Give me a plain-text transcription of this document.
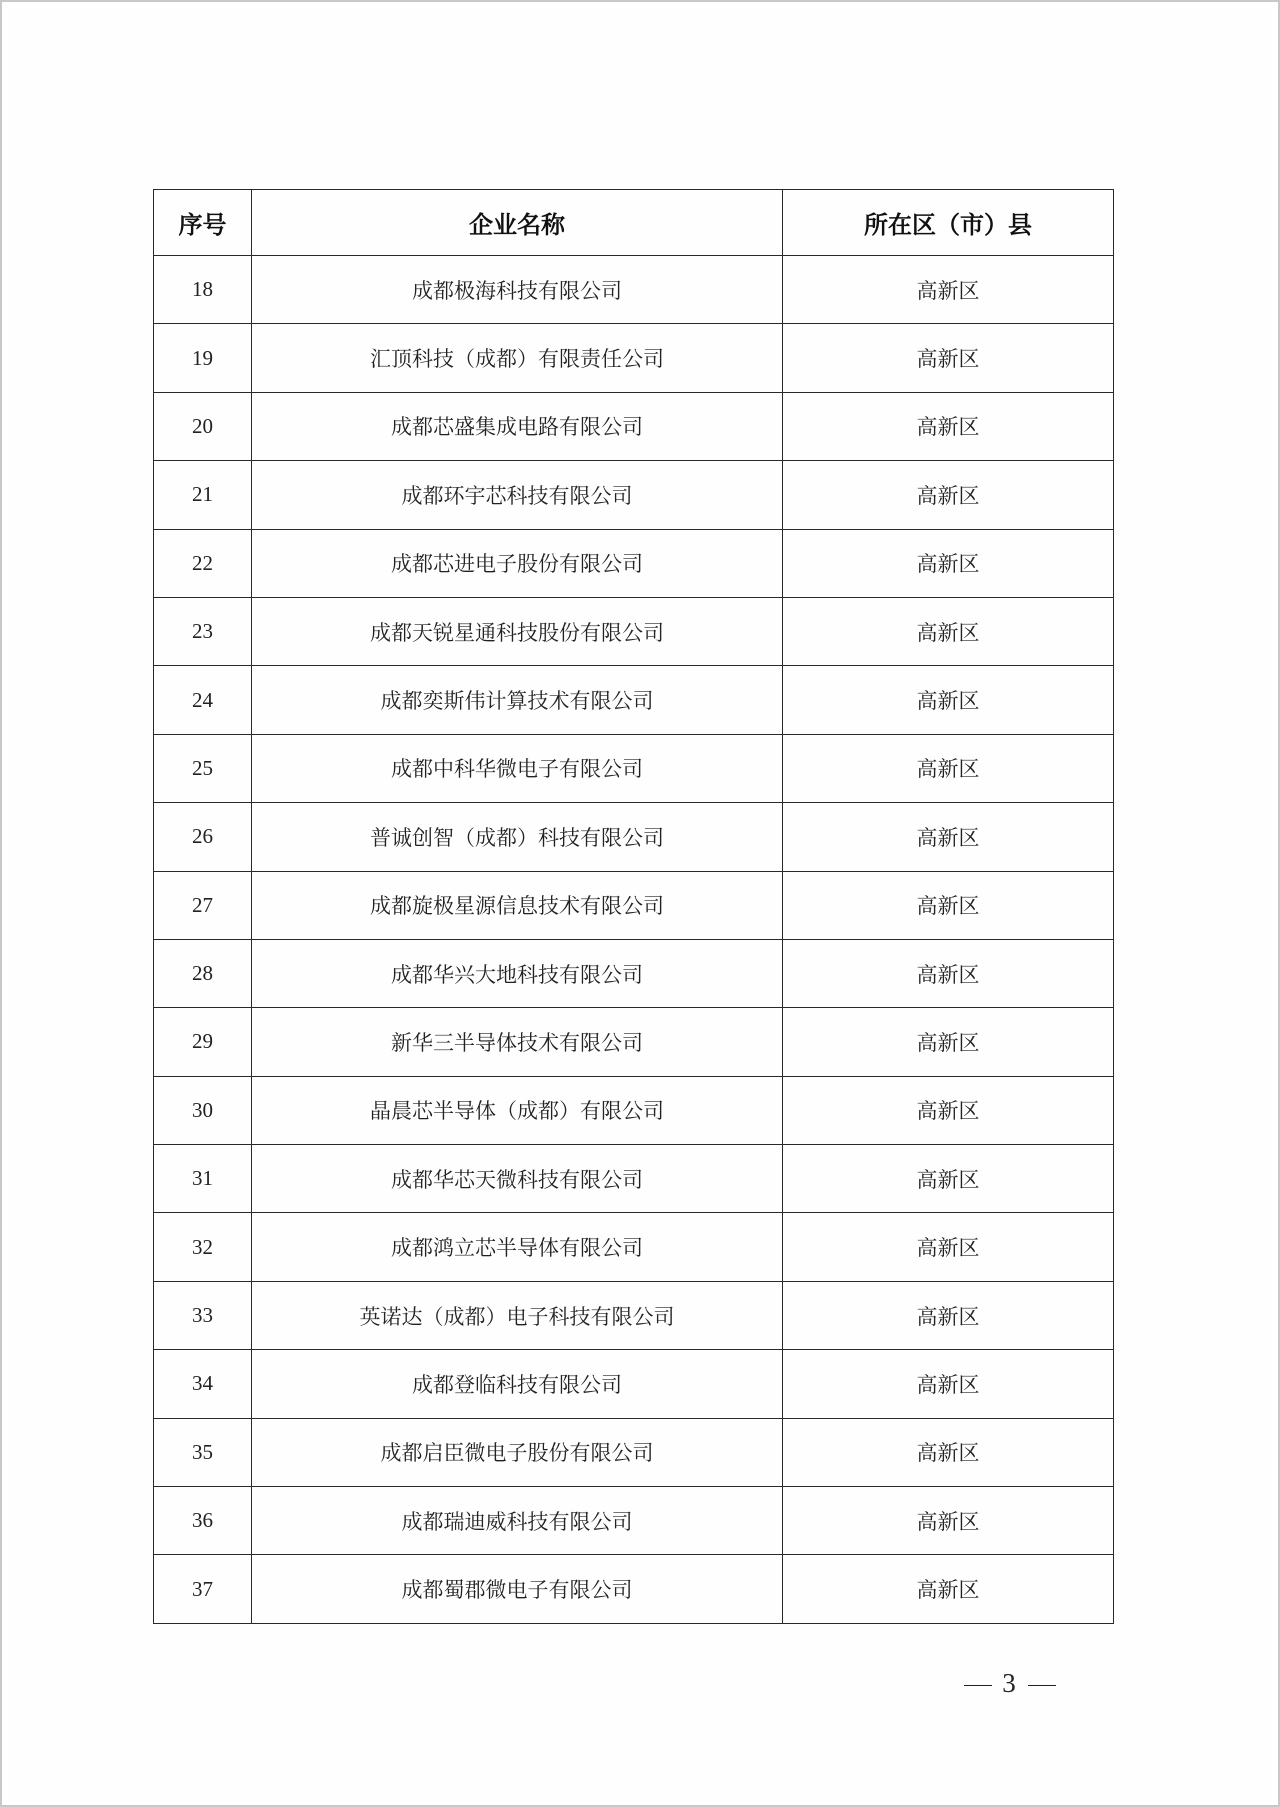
序号	企业名称	所在区（市）县
18	成都极海科技有限公司	高新区
19	汇顶科技（成都）有限责任公司	高新区
20	成都芯盛集成电路有限公司	高新区
21	成都环宇芯科技有限公司	高新区
22	成都芯进电子股份有限公司	高新区
23	成都天锐星通科技股份有限公司	高新区
24	成都奕斯伟计算技术有限公司	高新区
25	成都中科华微电子有限公司	高新区
26	普诚创智（成都）科技有限公司	高新区
27	成都旋极星源信息技术有限公司	高新区
28	成都华兴大地科技有限公司	高新区
29	新华三半导体技术有限公司	高新区
30	晶晨芯半导体（成都）有限公司	高新区
31	成都华芯天微科技有限公司	高新区
32	成都鸿立芯半导体有限公司	高新区
33	英诺达（成都）电子科技有限公司	高新区
34	成都登临科技有限公司	高新区
35	成都启臣微电子股份有限公司	高新区
36	成都瑞迪威科技有限公司	高新区
37	成都蜀郡微电子有限公司	高新区
3
